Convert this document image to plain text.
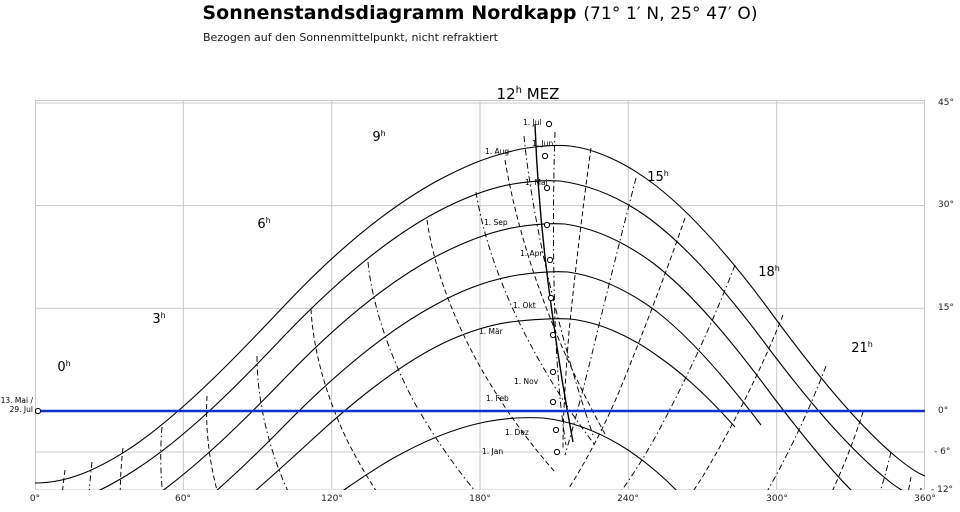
Sonnenstandsdiagramm Nordkapp (71° 1′ N, 25° 47′ O)
Bezogen auf den Sonnenmittelpunkt, nicht refraktiert
0$^h$
3$^h$
6$^h$
9$^h$
15$^h$
18$^h$
21$^h$
1. Jul
1. Jun
1. Aug
1. Mai
1. Sep
1. Apr
1. Okt
1. Mär
1. Nov
1. Feb
1. Dez
1. Jan
12$^h$ MEZ
13. Mai /
29. Jul
0°	60°	120°	180°	240°	300°	360°
45°
30°
15°
0°
- 6°
- 12°
